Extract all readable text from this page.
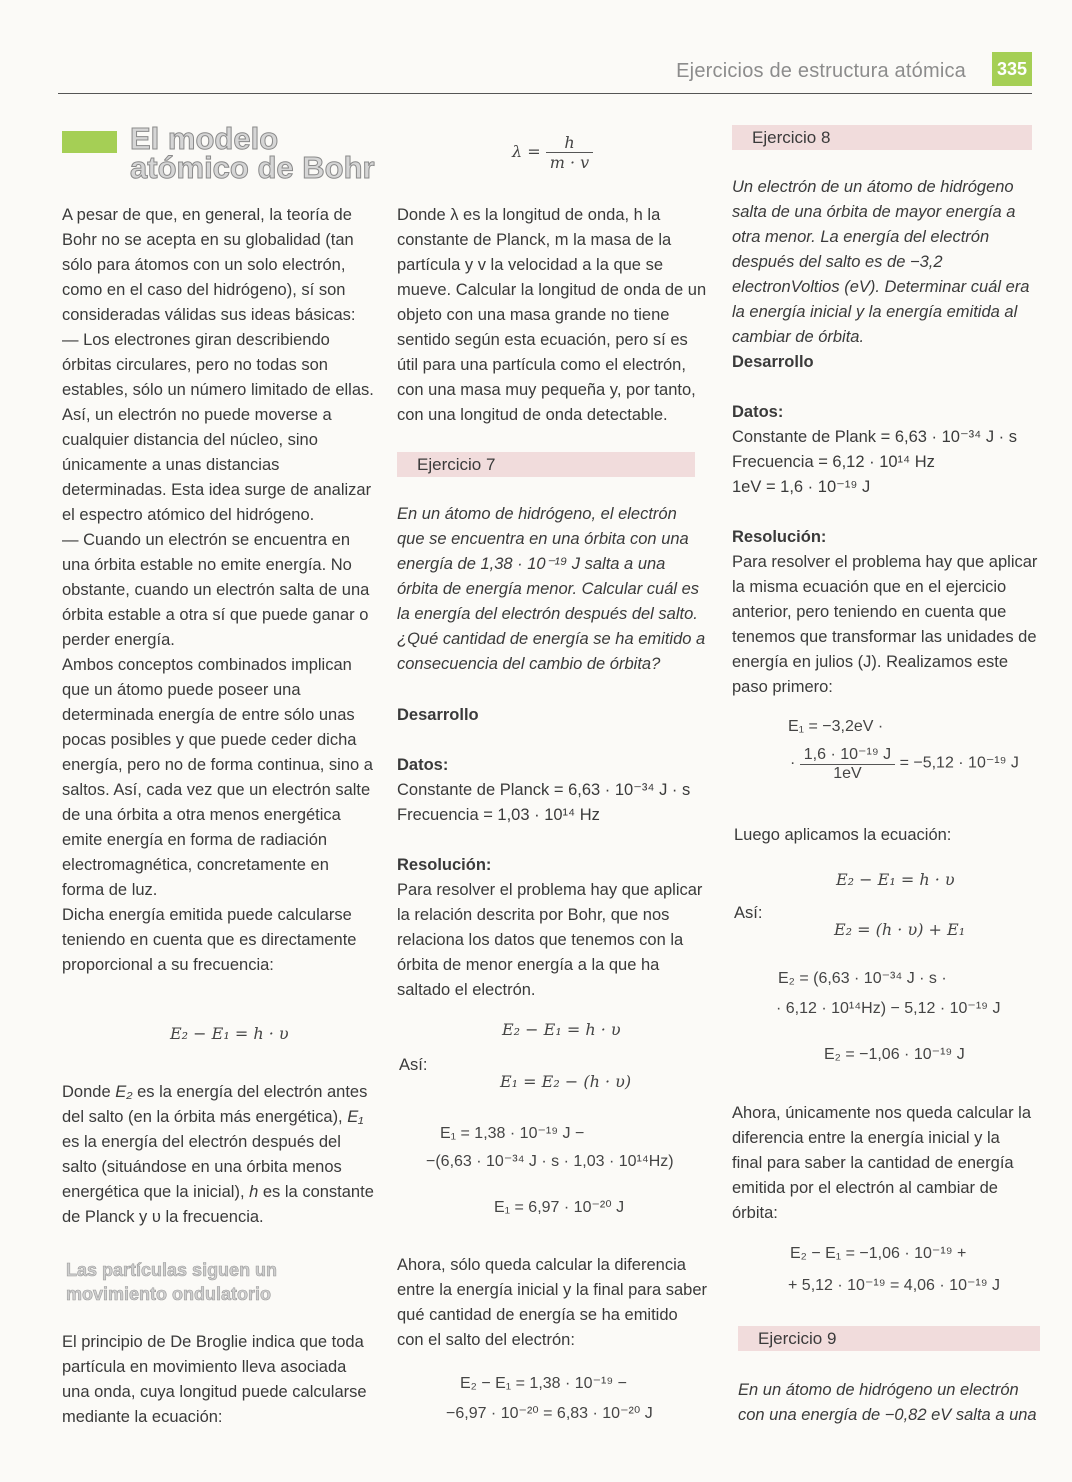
Ejercicios de estructura atómica 335
El modelo
atómico de Bohr

A pesar de que, en general, la teoría de Bohr no se acepta en su globalidad (tan sólo para átomos con un solo electrón, como en el caso del hidrógeno), sí son consideradas válidas sus ideas básicas:

— Los electrones giran describiendo órbitas circulares, pero no todas son estables, sólo un número limitado de ellas. Así, un electrón no puede moverse a cualquier distancia del núcleo, sino únicamente a unas distancias determinadas. Esta idea surge de analizar el espectro atómico del hidrógeno.

— Cuando un electrón se encuentra en una órbita estable no emite energía. No obstante, cuando un electrón salta de una órbita estable a otra sí que puede ganar o perder energía.

Ambos conceptos combinados implican que un átomo puede poseer una determinada energía de entre sólo unas pocas posibles y que puede ceder dicha energía, pero no de forma continua, sino a saltos. Así, cada vez que un electrón salte de una órbita a otra menos energética emite energía en forma de radiación electromagnética, concretamente en forma de luz.

Dicha energía emitida puede calcularse teniendo en cuenta que es directamente proporcional a su frecuencia:

E₂ − E₁ = h · υ

Donde E₂ es la energía del electrón antes del salto (en la órbita más energética), E₁ es la energía del electrón después del salto (situándose en una órbita menos energética que la inicial), h es la constante de Planck y υ la frecuencia.

Las partículas siguen un movimiento ondulatorio
El principio de De Broglie indica que toda partícula en movimiento lleva asociada una onda, cuya longitud puede calcularse mediante la ecuación:
$\lambda = \frac{h}{m \cdot v}$
Donde λ es la longitud de onda, h la constante de Planck, m la masa de la partícula y v la velocidad a la que se mueve. Calcular la longitud de onda de un objeto con una masa grande no tiene sentido según esta ecuación, pero sí es útil para una partícula como el electrón, con una masa muy pequeña y, por tanto, con una longitud de onda detectable.
Ejercicio 7
En un átomo de hidrógeno, el electrón que se encuentra en una órbita con una energía de 1,38 · 10⁻¹⁹ J salta a una órbita de energía menor. Calcular cuál es la energía del electrón después del salto. ¿Qué cantidad de energía se ha emitido a consecuencia del cambio de órbita?

Desarrollo

Datos:

Constante de Planck = 6,63 · 10⁻³⁴ J · s

Frecuencia = 1,03 · 10¹⁴ Hz

Resolución:

Para resolver el problema hay que aplicar la relación descrita por Bohr, que nos relaciona los datos que tenemos con la órbita de menor energía a la que ha saltado el electrón.

E₂ − E₁ = h · υ
Así:
E₁ = E₂ − (h · υ)
E₁ = 1,38 · 10⁻¹⁹ J −
−(6,63 · 10⁻³⁴ J · s · 1,03 · 10¹⁴Hz)
E₁ = 6,97 · 10⁻²⁰ J
Ahora, sólo queda calcular la diferencia entre la energía inicial y la final para saber qué cantidad de energía se ha emitido con el salto del electrón:
E₂ − E₁ = 1,38 · 10⁻¹⁹ −
−6,97 · 10⁻²⁰ = 6,83 · 10⁻²⁰ J
Ejercicio 8
Un electrón de un átomo de hidrógeno salta de una órbita de mayor energía a otra menor. La energía del electrón después del salto es de −3,2 electronVoltios (eV). Determinar cuál era la energía inicial y la energía emitida al cambiar de órbita.

Desarrollo

Datos:

Constante de Plank = 6,63 · 10⁻³⁴ J · s

Frecuencia = 6,12 · 10¹⁴ Hz

1eV = 1,6 · 10⁻¹⁹ J

Resolución:

Para resolver el problema hay que aplicar la misma ecuación que en el ejercicio anterior, pero teniendo en cuenta que tenemos que transformar las unidades de energía en julios (J). Realizamos este paso primero:

E₁ = −3,2eV ·
· $\frac{\text{1,6 · 10⁻¹⁹ J}}{1eV} = -5,12 \cdot 10^{-19}$ J
Luego aplicamos la ecuación:
E₂ − E₁ = h · υ
Así:
E₂ = (h · υ) + E₁
E₂ = (6,63 · 10⁻³⁴ J · s ·
· 6,12 · 10¹⁴Hz) − 5,12 · 10⁻¹⁹ J
E₂ = −1,06 · 10⁻¹⁹ J
Ahora, únicamente nos queda calcular la diferencia entre la energía inicial y la final para saber la cantidad de energía emitida por el electrón al cambiar de órbita:
E₂ − E₁ = −1,06 · 10⁻¹⁹ +
+ 5,12 · 10⁻¹⁹ = 4,06 · 10⁻¹⁹ J
Ejercicio 9
En un átomo de hidrógeno un electrón con una energía de −0,82 eV salta a una
